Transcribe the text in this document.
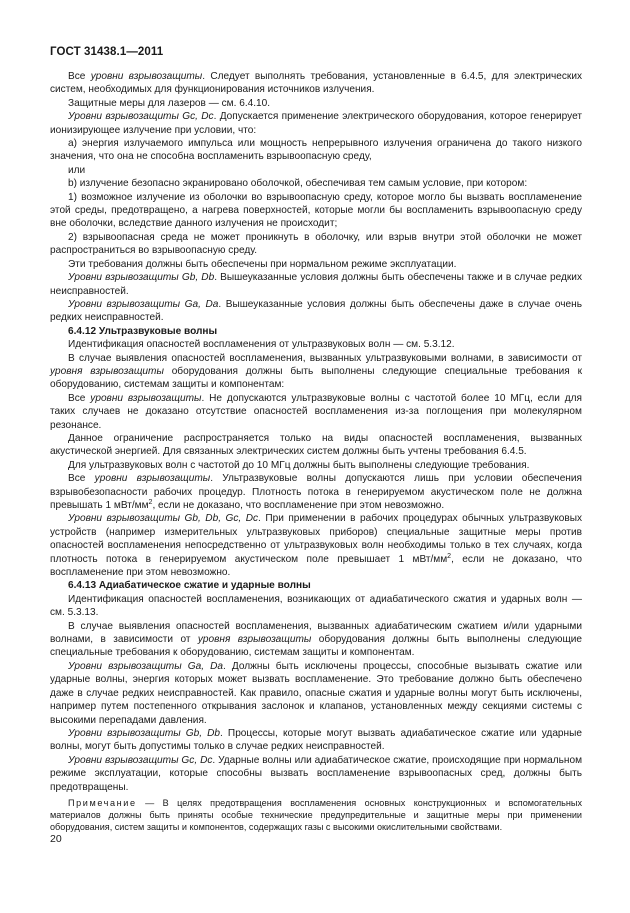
ГОСТ 31438.1—2011

Все уровни взрывозащиты. Следует выполнять требования, установленные в 6.4.5, для электрических систем, необходимых для функционирования источников излучения.

Защитные меры для лазеров — см. 6.4.10.

Уровни взрывозащиты Gc, Dc. Допускается применение электрического оборудования, которое генерирует ионизирующее излучение при условии, что:

a) энергия излучаемого импульса или мощность непрерывного излучения ограничена до такого низкого значения, что она не способна воспламенить взрывоопасную среду,

или

b) излучение безопасно экранировано оболочкой, обеспечивая тем самым условие, при котором:

1) возможное излучение из оболочки во взрывоопасную среду, которое могло бы вызвать воспламенение этой среды, предотвращено, а нагрева поверхностей, которые могли бы воспламенить взрывоопасную среду вне оболочки, вследствие данного излучения не происходит;

2) взрывоопасная среда не может проникнуть в оболочку, или взрыв внутри этой оболочки не может распространиться во взрывоопасную среду.

Эти требования должны быть обеспечены при нормальном режиме эксплуатации.

Уровни взрывозащиты Gb, Db. Вышеуказанные условия должны быть обеспечены также и в случае редких неисправностей.

Уровни взрывозащиты Ga, Da. Вышеуказанные условия должны быть обеспечены даже в случае очень редких неисправностей.

6.4.12 Ультразвуковые волны

Идентификация опасностей воспламенения от ультразвуковых волн — см. 5.3.12.

В случае выявления опасностей воспламенения, вызванных ультразвуковыми волнами, в зависимости от уровня взрывозащиты оборудования должны быть выполнены следующие специальные требования к оборудованию, системам защиты и компонентам:

Все уровни взрывозащиты. Не допускаются ультразвуковые волны с частотой более 10 МГц, если для таких случаев не доказано отсутствие опасностей воспламенения из-за поглощения при молекулярном резонансе.

Данное ограничение распространяется только на виды опасностей воспламенения, вызванных акустической энергией. Для связанных электрических систем должны быть учтены требования 6.4.5.

Для ультразвуковых волн с частотой до 10 МГц должны быть выполнены следующие требования.

Все уровни взрывозащиты. Ультразвуковые волны допускаются лишь при условии обеспечения взрывобезопасности рабочих процедур. Плотность потока в генерируемом акустическом поле не должна превышать 1 мВт/$мм^2$, если не доказано, что воспламенение при этом невозможно.

Уровни взрывозащиты Gb, Db, Gc, Dc. При применении в рабочих процедурах обычных ультразвуковых устройств (например измерительных ультразвуковых приборов) специальные защитные меры против опасностей воспламенения непосредственно от ультразвуковых волн необходимы только в тех случаях, когда плотность потока в генерируемом акустическом поле превышает 1 мВт/$мм^2$, если не доказано, что воспламенение при этом невозможно.

6.4.13 Адиабатическое сжатие и ударные волны

Идентификация опасностей воспламенения, возникающих от адиабатического сжатия и ударных волн — см. 5.3.13.

В случае выявления опасностей воспламенения, вызванных адиабатическим сжатием и/или ударными волнами, в зависимости от уровня взрывозащиты оборудования должны быть выполнены следующие специальные требования к оборудованию, системам защиты и компонентам.

Уровни взрывозащиты Ga, Da. Должны быть исключены процессы, способные вызывать сжатие или ударные волны, энергия которых может вызвать воспламенение. Это требование должно быть обеспечено даже в случае редких неисправностей. Как правило, опасные сжатия и ударные волны могут быть исключены, например путем постепенного открывания заслонок и клапанов, установленных между секциями системы с высокими перепадами давления.

Уровни взрывозащиты Gb, Db. Процессы, которые могут вызвать адиабатическое сжатие или ударные волны, могут быть допустимы только в случае редких неисправностей.

Уровни взрывозащиты Gc, Dc. Ударные волны или адиабатическое сжатие, происходящие при нормальном режиме эксплуатации, которые способны вызвать воспламенение взрывоопасных сред, должны быть предотвращены.

Примечание — В целях предотвращения воспламенения основных конструкционных и вспомогательных материалов должны быть приняты особые технические предупредительные и защитные меры при применении оборудования, систем защиты и компонентов, содержащих газы с высокими окислительными свойствами.

20
